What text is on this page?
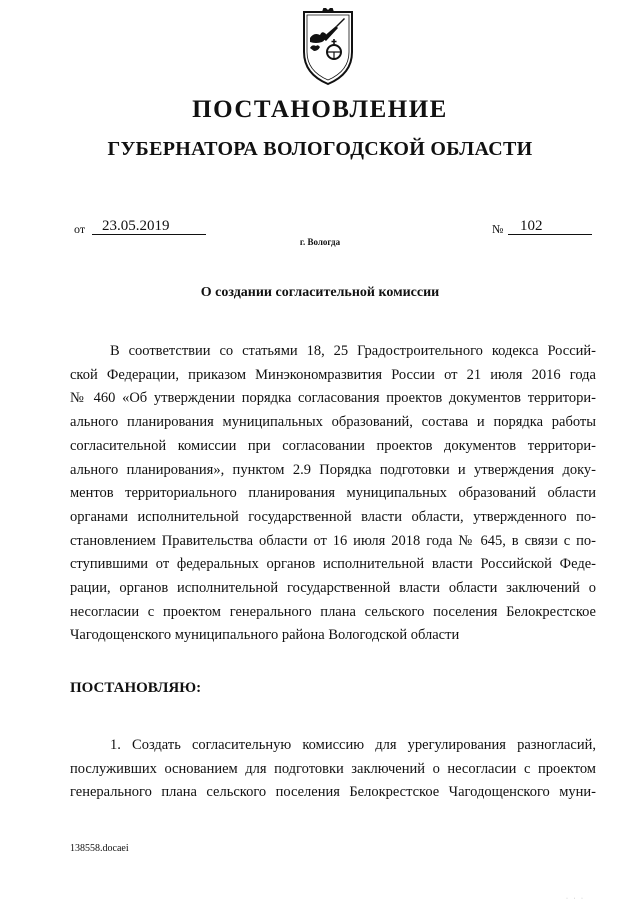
ПОСТАНОВЛЕНИЕ
ГУБЕРНАТОРА ВОЛОГОДСКОЙ ОБЛАСТИ
от	23.05.2019	№	102
г. Вологда
О создании согласительной комиссии
В соответствии со статьями 18, 25 Градостроительного кодекса Россий-
ской Федерации, приказом Минэкономразвития России от 21 июля 2016 года
№ 460 «Об утверждении порядка согласования проектов документов территори-
ального планирования муниципальных образований, состава и порядка работы
согласительной комиссии при согласовании проектов документов территори-
ального планирования», пунктом 2.9 Порядка подготовки и утверждения доку-
ментов территориального планирования муниципальных образований области
органами исполнительной государственной власти области, утвержденного по-
становлением Правительства области от 16 июля 2018 года № 645, в связи с по-
ступившими от федеральных органов исполнительной власти Российской Феде-
рации, органов исполнительной государственной власти области заключений о
несогласии с проектом генерального плана сельского поселения Белокрестское
Чагодощенского муниципального района Вологодской области
ПОСТАНОВЛЯЮ:
1. Создать согласительную комиссию для урегулирования разногласий,
послуживших основанием для подготовки заключений о несогласии с проектом
генерального плана сельского поселения Белокрестское Чагодощенского муни-
138558.docaei
· · ·
